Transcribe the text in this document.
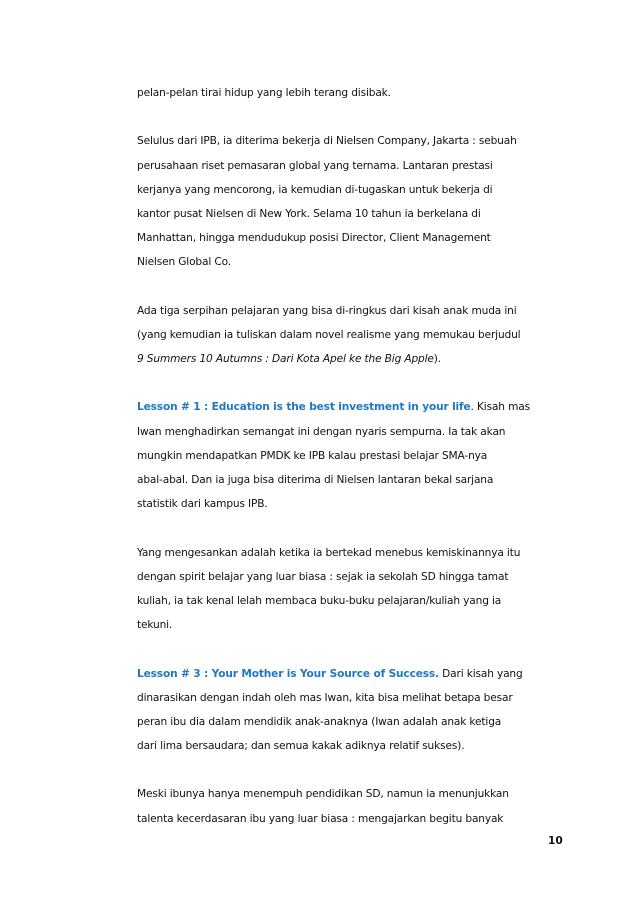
pelan-pelan tirai hidup yang lebih terang disibak.
Selulus dari IPB, ia diterima bekerja di Nielsen Company, Jakarta : sebuah
perusahaan riset pemasaran global yang ternama. Lantaran prestasi
kerjanya yang mencorong, ia kemudian di-tugaskan untuk bekerja di
kantor pusat Nielsen di New York. Selama 10 tahun ia berkelana di
Manhattan, hingga mendudukup posisi Director, Client Management
Nielsen Global Co.
Ada tiga serpihan pelajaran yang bisa di-ringkus dari kisah anak muda ini
(yang kemudian ia tuliskan dalam novel realisme yang memukau berjudul
9 Summers 10 Autumns : Dari Kota Apel ke the Big Apple).
Lesson # 1 : Education is the best investment in your life. Kisah mas
Iwan menghadirkan semangat ini dengan nyaris sempurna. Ia tak akan
mungkin mendapatkan PMDK ke IPB kalau prestasi belajar SMA-nya
abal-abal. Dan ia juga bisa diterima di Nielsen lantaran bekal sarjana
statistik dari kampus IPB.
Yang mengesankan adalah ketika ia bertekad menebus kemiskinannya itu
dengan spirit belajar yang luar biasa : sejak ia sekolah SD hingga tamat
kuliah, ia tak kenal lelah membaca buku-buku pelajaran/kuliah yang ia
tekuni.
Lesson # 3 : Your Mother is Your Source of Success. Dari kisah yang
dinarasikan dengan indah oleh mas Iwan, kita bisa melihat betapa besar
peran ibu dia dalam mendidik anak-anaknya (Iwan adalah anak ketiga
dari lima bersaudara; dan semua kakak adiknya relatif sukses).
Meski ibunya hanya menempuh pendidikan SD, namun ia menunjukkan
talenta kecerdasaran ibu yang luar biasa : mengajarkan begitu banyak
10
